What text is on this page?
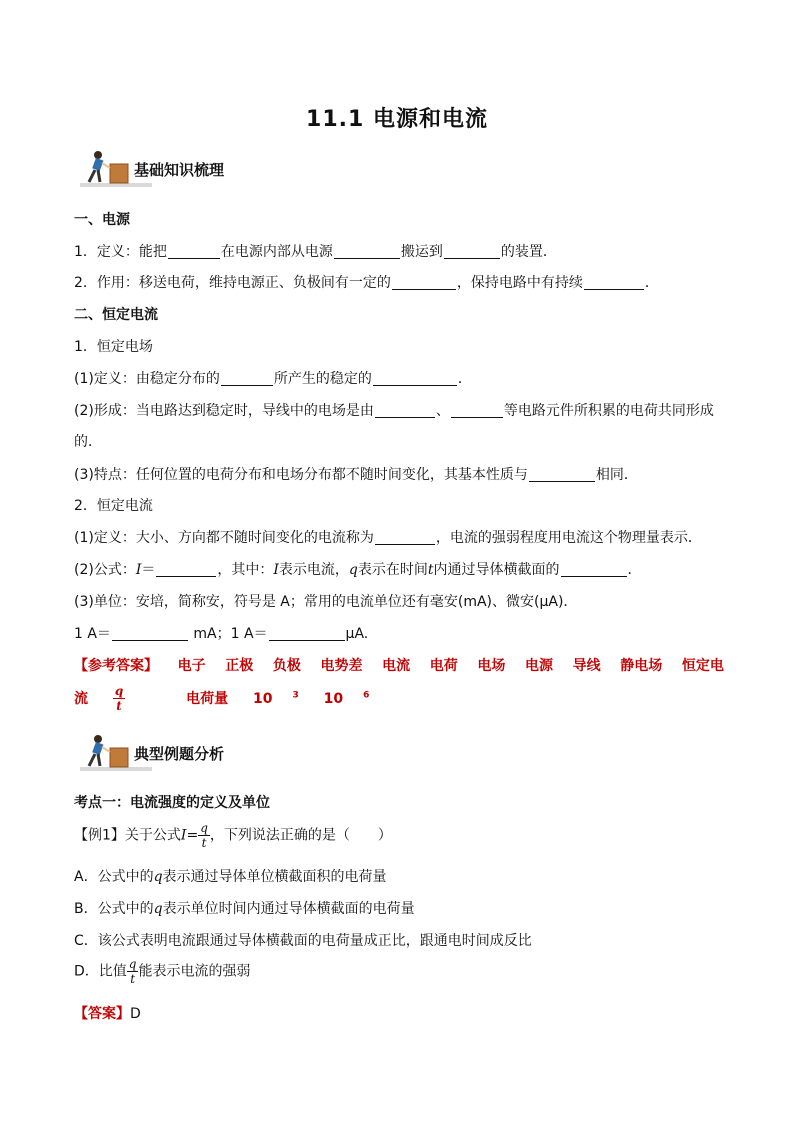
11.1 电源和电流
基础知识梳理
一、电源
1．定义：能把	在电源内部从电源	搬运到	的装置．
2．作用：移送电荷，维持电源正、负极间有一定的	，保持电路中有持续	．
二、恒定电流
1．恒定电场
(1)定义：由稳定分布的	所产生的稳定的	．
(2)形成：当电路达到稳定时，导线中的电场是由	、	等电路元件所积累的电荷共同形成
的．
(3)特点：任何位置的电荷分布和电场分布都不随时间变化，其基本性质与	相同．
2．恒定电流
(1)定义：大小、方向都不随时间变化的电流称为	，电流的强弱程度用电流这个物理量表示．
(2)公式：I＝	，其中：I表示电流，q表示在时间t内通过导体横截面的	．
(3)单位：安培，简称安，符号是 A；常用的电流单位还有毫安(mA)、微安(μA)．
1 A＝	mA；1 A＝	μA.
【参考答案】 电子 正极 负极 电势差 电流 电荷 电场 电源 导线 静电场 恒定电
流 $\frac{q}{t}$	电荷量 10 $^3$ 10 $^6$
典型例题分析
考点一：电流强度的定义及单位
【例1】关于公式$I= \frac{q}{t}$ ，下列说法正确的是（　　）
A．公式中的q表示通过导体单位横截面积的电荷量
B．公式中的q表示单位时间内通过导体横截面的电荷量
C．该公式表明电流跟通过导体横截面的电荷量成正比，跟通电时间成反比
D．比值 $\frac{q}{t}$ 能表示电流的强弱
【答案】D
